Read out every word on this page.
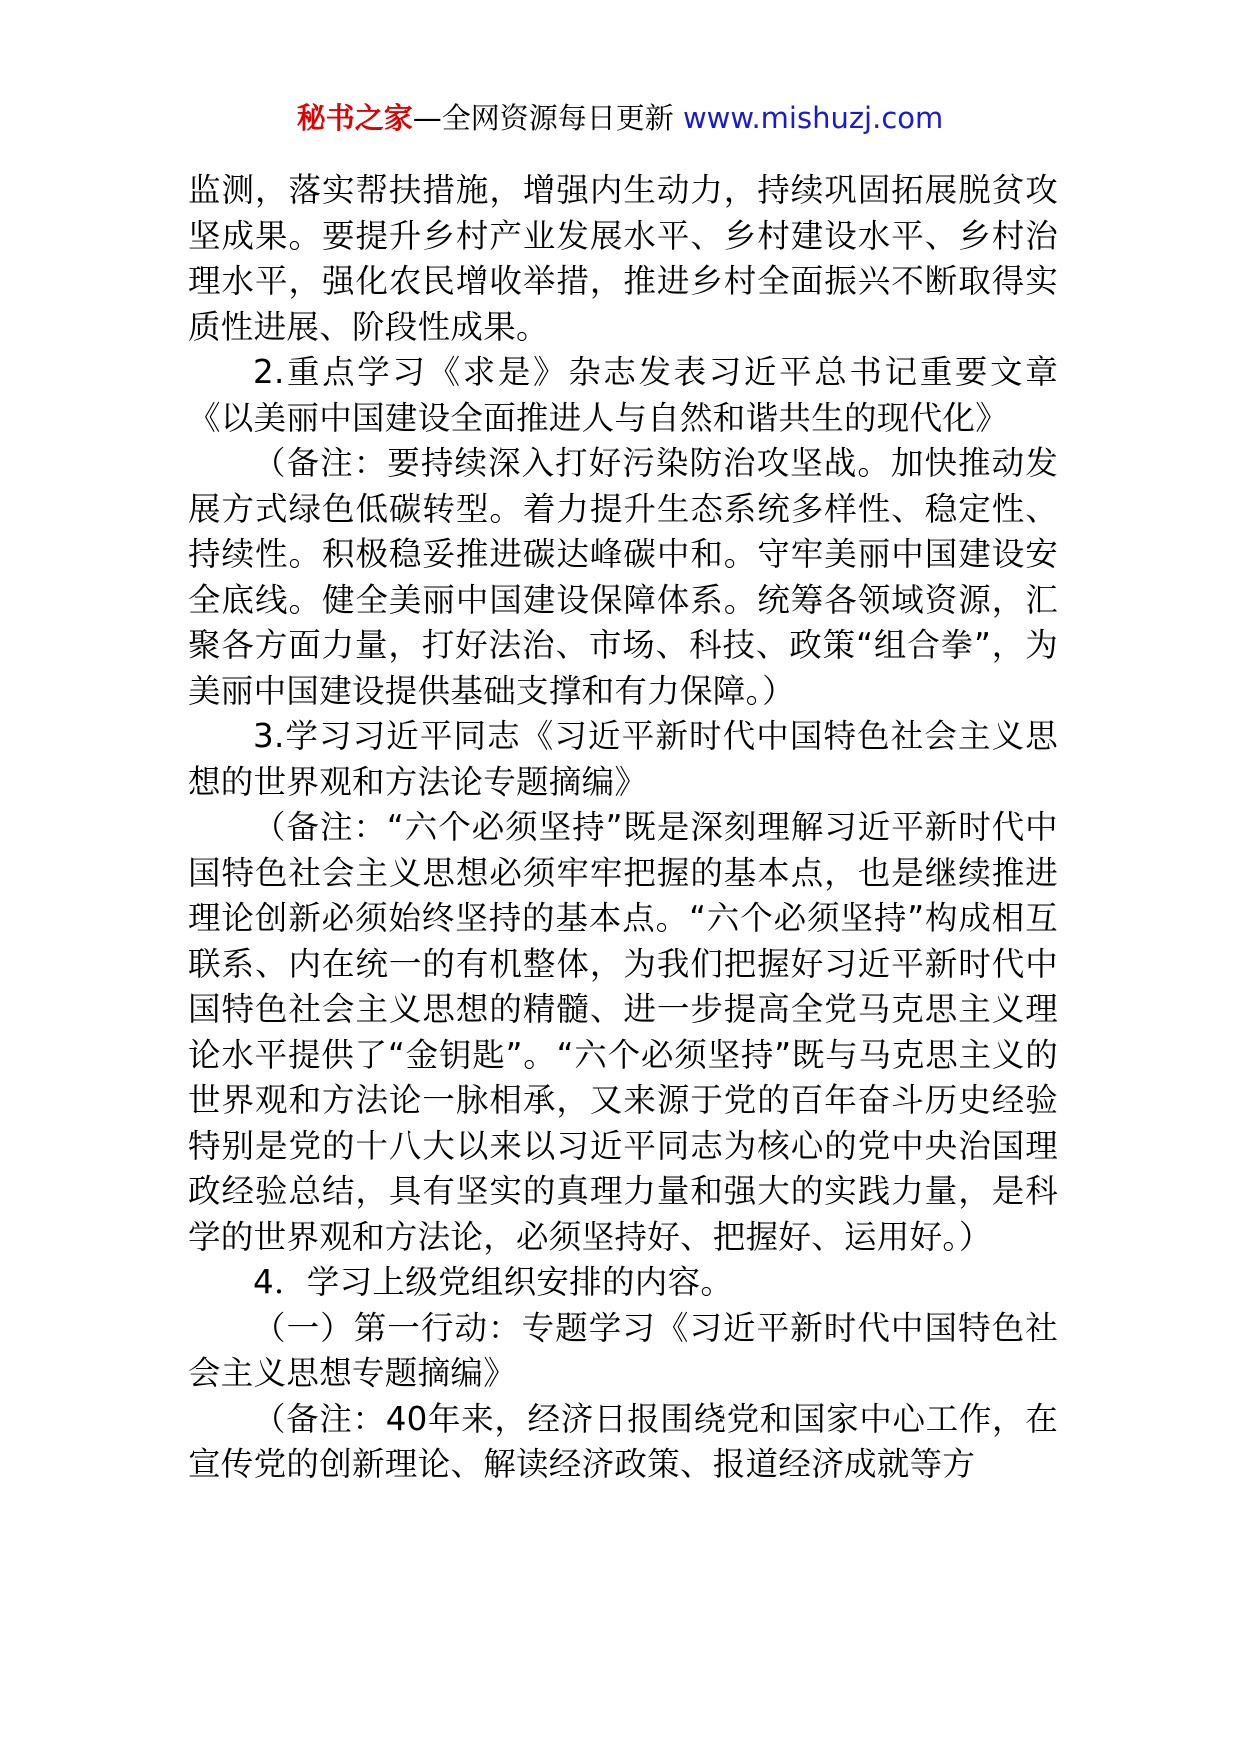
秘书之家—全网资源每日更新 www.mishuzj.com

监测，落实帮扶措施，增强内生动力，持续巩固拓展脱贫攻坚成果。要提升乡村产业发展水平、乡村建设水平、乡村治理水平，强化农民增收举措，推进乡村全面振兴不断取得实质性进展、阶段性成果。

2.重点学习《求是》杂志发表习近平总书记重要文章《以美丽中国建设全面推进人与自然和谐共生的现代化》

（备注：要持续深入打好污染防治攻坚战。加快推动发展方式绿色低碳转型。着力提升生态系统多样性、稳定性、持续性。积极稳妥推进碳达峰碳中和。守牢美丽中国建设安全底线。健全美丽中国建设保障体系。统筹各领域资源，汇聚各方面力量，打好法治、市场、科技、政策“组合拳”，为美丽中国建设提供基础支撑和有力保障。）

3.学习习近平同志《习近平新时代中国特色社会主义思想的世界观和方法论专题摘编》

（备注：“六个必须坚持”既是深刻理解习近平新时代中国特色社会主义思想必须牢牢把握的基本点，也是继续推进理论创新必须始终坚持的基本点。“六个必须坚持”构成相互联系、内在统一的有机整体，为我们把握好习近平新时代中国特色社会主义思想的精髓、进一步提高全党马克思主义理论水平提供了“金钥匙”。“六个必须坚持”既与马克思主义的世界观和方法论一脉相承，又来源于党的百年奋斗历史经验特别是党的十八大以来以习近平同志为核心的党中央治国理政经验总结，具有坚实的真理力量和强大的实践力量，是科学的世界观和方法论，必须坚持好、把握好、运用好。）

4．学习上级党组织安排的内容。

（一）第一行动：专题学习《习近平新时代中国特色社会主义思想专题摘编》

（备注：40年来，经济日报围绕党和国家中心工作，在宣传党的创新理论、解读经济政策、报道经济成就等方
